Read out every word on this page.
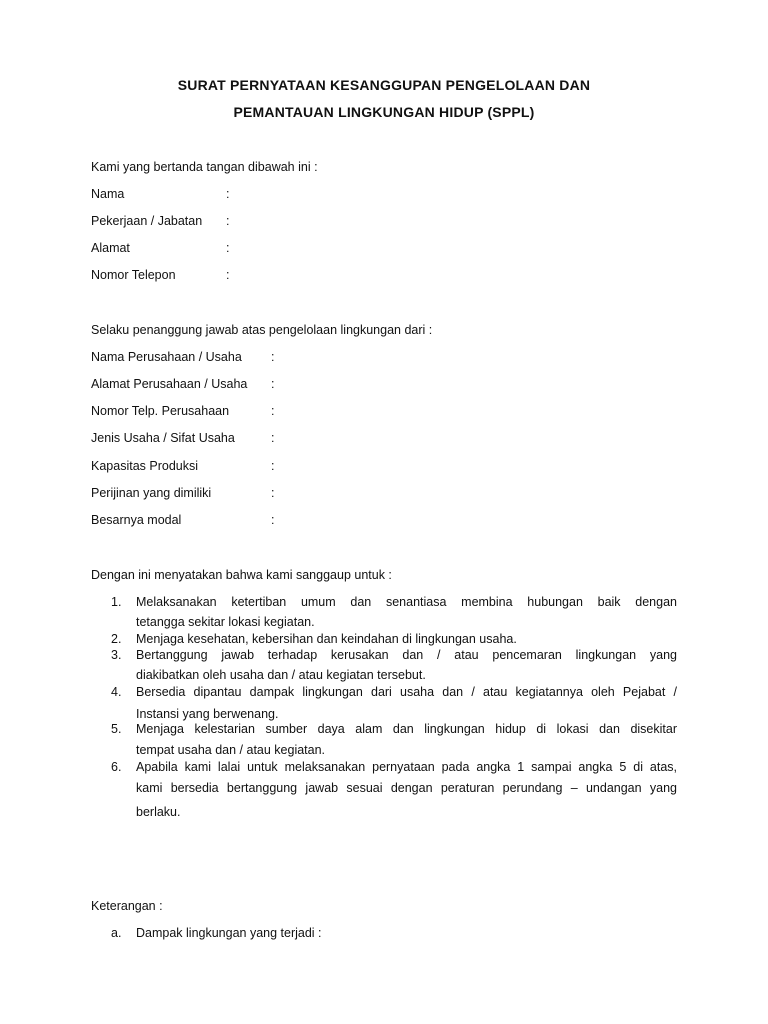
SURAT PERNYATAAN KESANGGUPAN PENGELOLAAN DAN
PEMANTAUAN LINGKUNGAN HIDUP (SPPL)
Kami yang bertanda tangan dibawah ini :
Nama	:
Pekerjaan / Jabatan :
Alamat	:
Nomor Telepon	:
Selaku penanggung jawab atas pengelolaan lingkungan dari :
Nama Perusahaan / Usaha :
Alamat Perusahaan / Usaha :
Nomor Telp. Perusahaan	:
Jenis Usaha / Sifat Usaha	:
Kapasitas Produksi	:
Perijinan yang dimiliki	:
Besarnya modal	:
Dengan ini menyatakan bahwa kami sanggaup untuk :
1. Melaksanakan ketertiban umum dan senantiasa membina hubungan baik dengan
tetangga sekitar lokasi kegiatan.
2. Menjaga kesehatan, kebersihan dan keindahan di lingkungan usaha.
3. Bertanggung jawab terhadap kerusakan dan / atau pencemaran lingkungan yang
diakibatkan oleh usaha dan / atau kegiatan tersebut.
4. Bersedia dipantau dampak lingkungan dari usaha dan / atau kegiatannya oleh Pejabat /
Instansi yang berwenang.
5. Menjaga kelestarian sumber daya alam dan lingkungan hidup di lokasi dan disekitar
tempat usaha dan / atau kegiatan.
6. Apabila kami lalai untuk melaksanakan pernyataan pada angka 1 sampai angka 5 di atas,
kami bersedia bertanggung jawab sesuai dengan peraturan perundang – undangan yang
berlaku.
Keterangan :
a. Dampak lingkungan yang terjadi :
